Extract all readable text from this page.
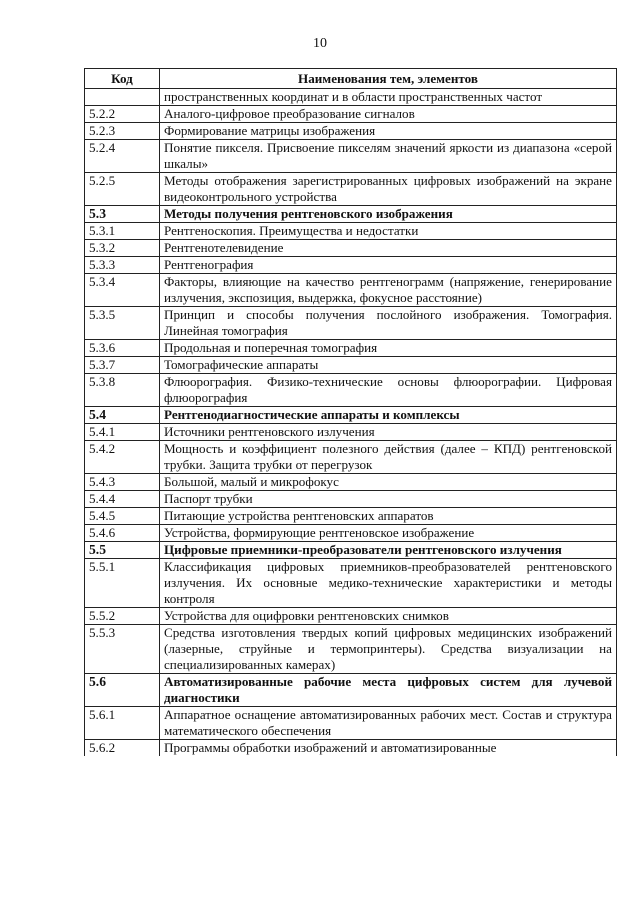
10
Код	Наименования тем, элементов
	пространственных координат и в области пространственных частот
5.2.2	Аналого-цифровое преобразование сигналов
5.2.3	Формирование матрицы изображения
5.2.4	Понятие пикселя. Присвоение пикселям значений яркости из диапазона «серой шкалы»
5.2.5	Методы отображения зарегистрированных цифровых изображений на экране видеоконтрольного устройства
5.3	Методы получения рентгеновского изображения
5.3.1	Рентгеноскопия. Преимущества и недостатки
5.3.2	Рентгенотелевидение
5.3.3	Рентгенография
5.3.4	Факторы, влияющие на качество рентгенограмм (напряжение, генерирование излучения, экспозиция, выдержка, фокусное расстояние)
5.3.5	Принцип и способы получения послойного изображения. Томография. Линейная томография
5.3.6	Продольная и поперечная томография
5.3.7	Томографические аппараты
5.3.8	Флюорография. Физико-технические основы флюорографии. Цифровая флюорография
5.4	Рентгенодиагностические аппараты и комплексы
5.4.1	Источники рентгеновского излучения
5.4.2	Мощность и коэффициент полезного действия (далее – КПД) рентгеновской трубки. Защита трубки от перегрузок
5.4.3	Большой, малый и микрофокус
5.4.4	Паспорт трубки
5.4.5	Питающие устройства рентгеновских аппаратов
5.4.6	Устройства, формирующие рентгеновское изображение
5.5	Цифровые приемники-преобразователи рентгеновского излучения
5.5.1	Классификация цифровых приемников-преобразователей рентгеновского излучения. Их основные медико-технические характеристики и методы контроля
5.5.2	Устройства для оцифровки рентгеновских снимков
5.5.3	Средства изготовления твердых копий цифровых медицинских изображений (лазерные, струйные и термопринтеры). Средства визуализации на специализированных камерах)
5.6	Автоматизированные рабочие места цифровых систем для лучевой диагностики
5.6.1	Аппаратное оснащение автоматизированных рабочих мест. Состав и структура математического обеспечения
5.6.2	Программы обработки изображений и автоматизированные
